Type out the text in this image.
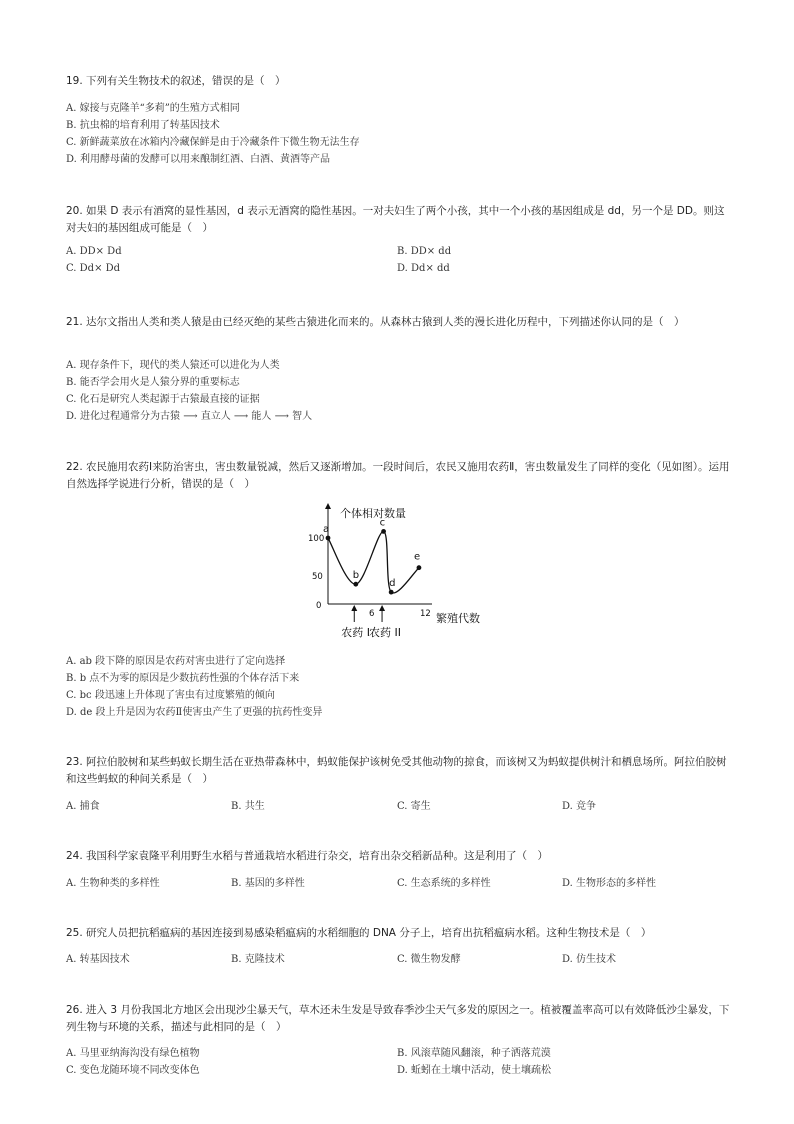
19. 下列有关生物技术的叙述，错误的是（　）
A. 嫁接与克隆羊“多莉”的生殖方式相同
B. 抗虫棉的培育利用了转基因技术
C. 新鲜蔬菜放在冰箱内冷藏保鲜是由于冷藏条件下微生物无法生存
D. 利用酵母菌的发酵可以用来酿制红酒、白酒、黄酒等产品
20. 如果 D 表示有酒窝的显性基因，d 表示无酒窝的隐性基因。一对夫妇生了两个小孩，其中一个小孩的基因组成是 dd，另一个是 DD。则这对夫妇的基因组成可能是（　）
A. DD× Dd	B. DD× dd
C. Dd× Dd	D. Dd× dd
21. 达尔文指出人类和类人猿是由已经灭绝的某些古猿进化而来的。从森林古猿到人类的漫长进化历程中，下列描述你认同的是（　）
A. 现存条件下，现代的类人猿还可以进化为人类
B. 能否学会用火是人猿分界的重要标志
C. 化石是研究人类起源于古猿最直接的证据
D. 进化过程通常分为古猿 ⟶ 直立人 ⟶ 能人 ⟶ 智人
22. 农民施用农药Ⅰ来防治害虫，害虫数量锐减，然后又逐渐增加。一段时间后，农民又施用农药Ⅱ，害虫数量发生了同样的变化（见如图）。运用自然选择学说进行分析，错误的是（　）
个体相对数量
繁殖代数
100
50
0
6	12
a
b
c
d
e
农药 I 农药 II
A. ab 段下降的原因是农药对害虫进行了定向选择
B. b 点不为零的原因是少数抗药性强的个体存活下来
C. bc 段迅速上升体现了害虫有过度繁殖的倾向
D. de 段上升是因为农药Ⅱ使害虫产生了更强的抗药性变异
23. 阿拉伯胶树和某些蚂蚁长期生活在亚热带森林中，蚂蚁能保护该树免受其他动物的掠食，而该树又为蚂蚁提供树汁和栖息场所。阿拉伯胶树和这些蚂蚁的种间关系是（　）
A. 捕食	B. 共生	C. 寄生	D. 竞争
24. 我国科学家袁隆平利用野生水稻与普通栽培水稻进行杂交，培育出杂交稻新品种。这是利用了（　）
A. 生物种类的多样性	B. 基因的多样性	C. 生态系统的多样性	D. 生物形态的多样性
25. 研究人员把抗稻瘟病的基因连接到易感染稻瘟病的水稻细胞的 DNA 分子上，培育出抗稻瘟病水稻。这种生物技术是（　）
A. 转基因技术	B. 克隆技术	C. 微生物发酵	D. 仿生技术
26. 进入 3 月份我国北方地区会出现沙尘暴天气，草木还未生发是导致春季沙尘天气多发的原因之一。植被覆盖率高可以有效降低沙尘暴发，下列生物与环境的关系，描述与此相同的是（　）
A. 马里亚纳海沟没有绿色植物	B. 风滚草随风翻滚，种子洒落荒漠
C. 变色龙随环境不同改变体色	D. 蚯蚓在土壤中活动，使土壤疏松
